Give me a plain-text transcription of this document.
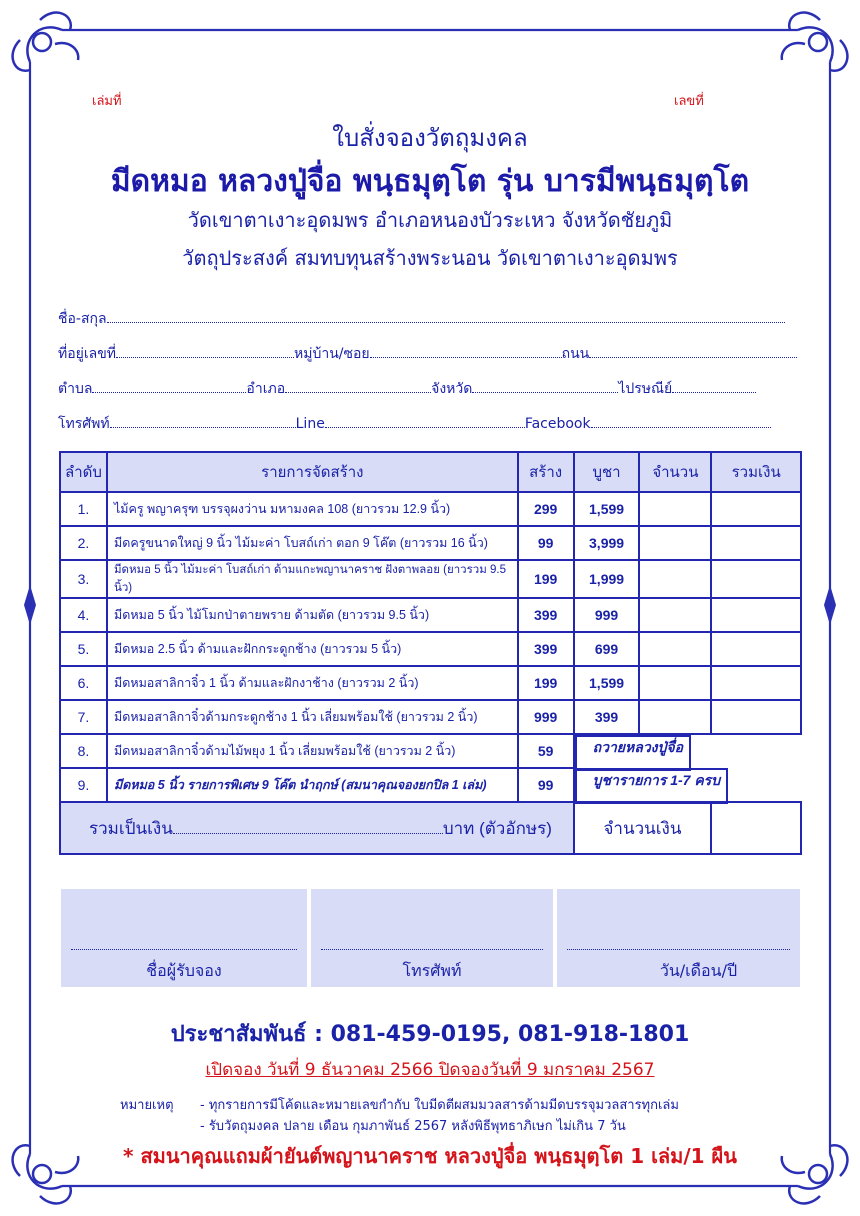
เล่มที่	เลขที่
ใบสั่งจองวัตถุมงคล
มีดหมอ หลวงปู่จื่อ พนฺธมุตฺโต รุ่น บารมีพนฺธมุตฺโต
วัดเขาตาเงาะอุดมพร อำเภอหนองบัวระเหว จังหวัดชัยภูมิ
วัตถุประสงค์ สมทบทุนสร้างพระนอน วัดเขาตาเงาะอุดมพร
ชื่อ-สกุล
ที่อยู่เลขที่	หมู่บ้าน/ซอย	ถนน
ตำบล	อำเภอ	จังหวัด	ไปรษณีย์
โทรศัพท์	Line	Facebook
ลำดับ	รายการจัดสร้าง	สร้าง	บูชา	จำนวน	รวมเงิน
1.	ไม้ครู พญาครุฑ บรรจุผงว่าน มหามงคล 108 (ยาวรวม 12.9 นิ้ว)	299	1,599		
2.	มีดครูขนาดใหญ่ 9 นิ้ว ไม้มะค่า โบสถ์เก่า ตอก 9 โค๊ต (ยาวรวม 16 นิ้ว)	99	3,999		
3.	มีดหมอ 5 นิ้ว ไม้มะค่า โบสถ์เก่า ด้ามแกะพญานาคราช ฝังตาพลอย (ยาวรวม 9.5 นิ้ว)	199	1,999		
4.	มีดหมอ 5 นิ้ว ไม้โมกป่าตายพราย ด้ามตัด (ยาวรวม 9.5 นิ้ว)	399	999		
5.	มีดหมอ 2.5 นิ้ว ด้ามและฝักกระดูกช้าง (ยาวรวม 5 นิ้ว)	399	699		
6.	มีดหมอสาลิกาจิ๋ว 1 นิ้ว ด้ามและฝักงาช้าง (ยาวรวม 2 นิ้ว)	199	1,599		
7.	มีดหมอสาลิกาจิ๋วด้ามกระดูกช้าง 1 นิ้ว เลี่ยมพร้อมใช้ (ยาวรวม 2 นิ้ว)	999	399		
8.	มีดหมอสาลิกาจิ๋วด้ามไม้พยุง 1 นิ้ว เลี่ยมพร้อมใช้ (ยาวรวม 2 นิ้ว)	59		ถวายหลวงปู่จื่อ

9.	มีดหมอ 5 นิ้ว รายการพิเศษ 9 โค๊ต นำฤกษ์ (สมนาคุณจองยกปิล 1 เล่ม)	99		บูชารายการ 1-7 ครบ

รวมเป็นเงิน บาท (ตัวอักษร)			จำนวนเงิน		
ชื่อผู้รับจอง	โทรศัพท์	วัน/เดือน/ปี
ประชาสัมพันธ์ : 081-459-0195, 081-918-1801
เปิดจอง วันที่ 9 ธันวาคม 2566 ปิดจองวันที่ 9 มกราคม 2567
หมายเหตุ - ทุกรายการมีโค้ดและหมายเลขกำกับ ใบมีดตีผสมมวลสารด้ามมีดบรรจุมวลสารทุกเล่ม
- รับวัตถุมงคล ปลาย เดือน กุมภาพันธ์ 2567 หลังพิธีพุทธาภิเษก ไม่เกิน 7 วัน
* สมนาคุณแถมผ้ายันต์พญานาคราช หลวงปู่จื่อ พนฺธมุตฺโต 1 เล่ม/1 ผืน
